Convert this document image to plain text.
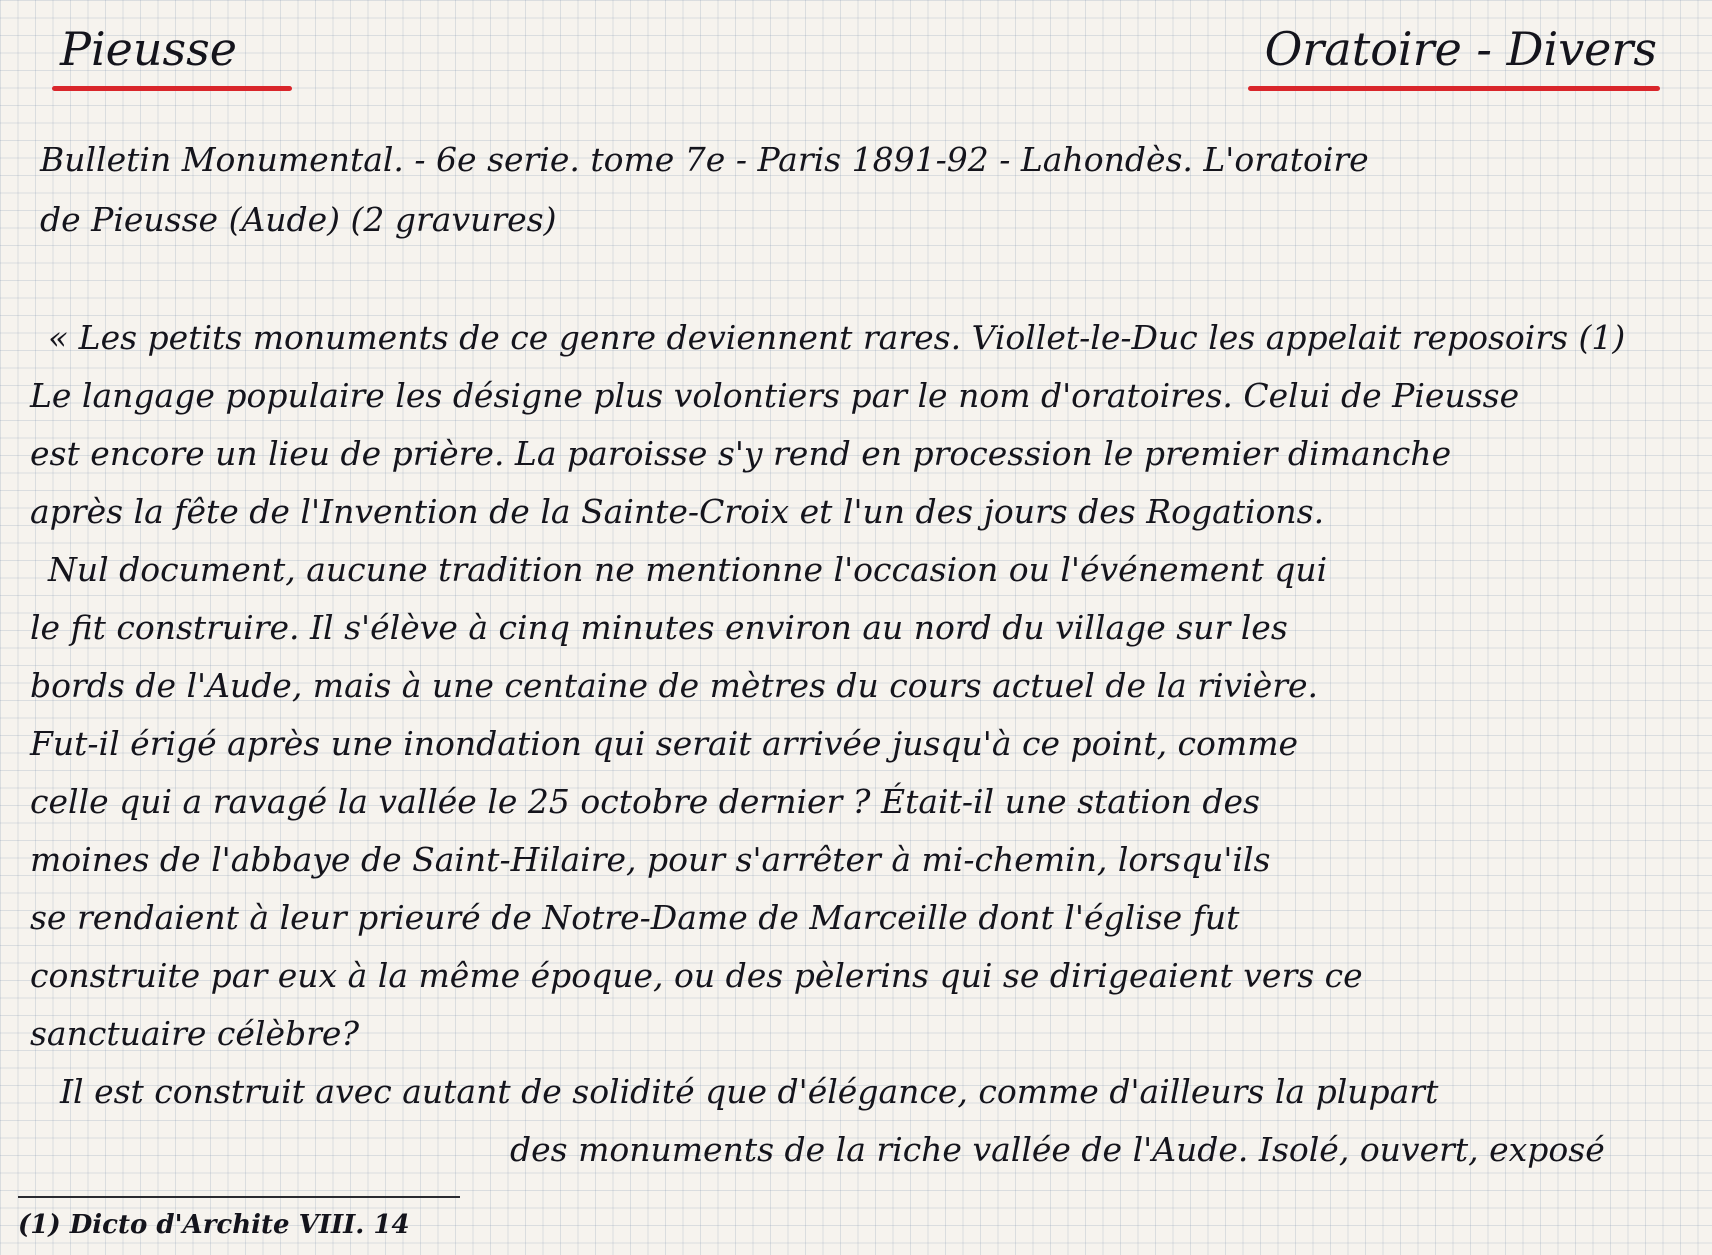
Pieusse	Oratoire - Divers
Bulletin Monumental. - 6e serie. tome 7e - Paris 1891-92 - Lahondès. L'oratoire
de Pieusse (Aude) (2 gravures)
« Les petits monuments de ce genre deviennent rares. Viollet-le-Duc les appelait reposoirs (1)
Le langage populaire les désigne plus volontiers par le nom d'oratoires. Celui de Pieusse
est encore un lieu de prière. La paroisse s'y rend en procession le premier dimanche
après la fête de l'Invention de la Sainte-Croix et l'un des jours des Rogations.
Nul document, aucune tradition ne mentionne l'occasion ou l'événement qui
le fit construire. Il s'élève à cinq minutes environ au nord du village sur les
bords de l'Aude, mais à une centaine de mètres du cours actuel de la rivière.
Fut-il érigé après une inondation qui serait arrivée jusqu'à ce point, comme
celle qui a ravagé la vallée le 25 octobre dernier ? Était-il une station des
moines de l'abbaye de Saint-Hilaire, pour s'arrêter à mi-chemin, lorsqu'ils
se rendaient à leur prieuré de Notre-Dame de Marceille dont l'église fut
construite par eux à la même époque, ou des pèlerins qui se dirigeaient vers ce
sanctuaire célèbre?
Il est construit avec autant de solidité que d'élégance, comme d'ailleurs la plupart
des monuments de la riche vallée de l'Aude. Isolé, ouvert, exposé
(1) Dicto d'Archite VIII. 14
